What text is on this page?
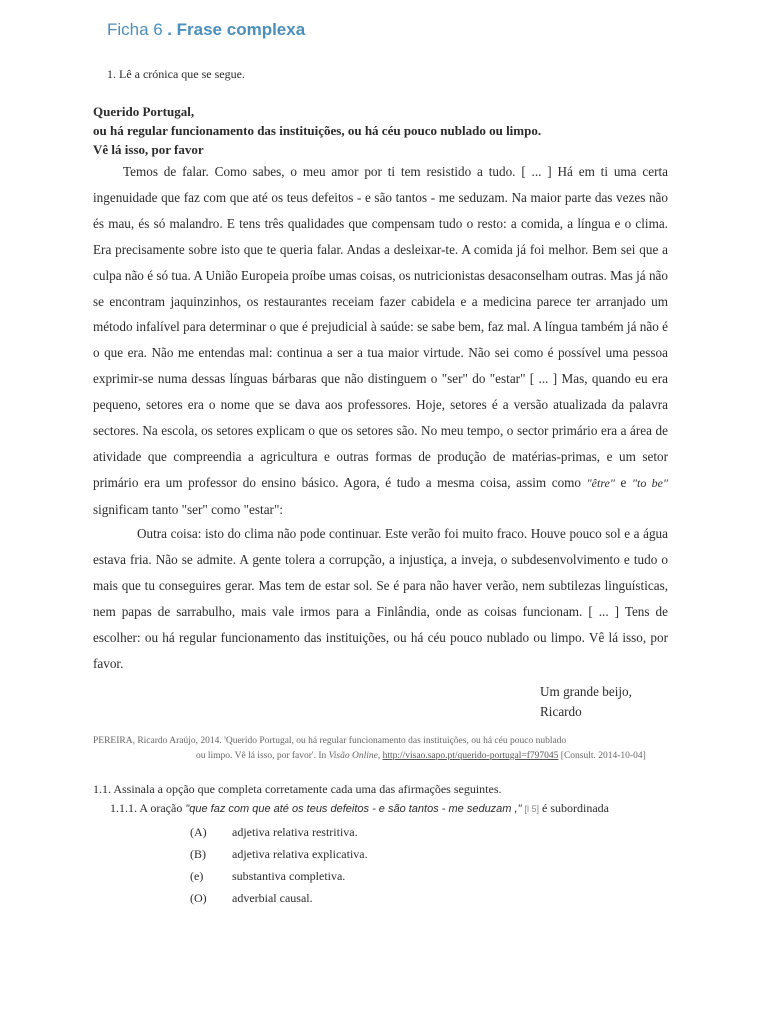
Ficha 6 . Frase complexa
1. Lê a crónica que se segue.
Querido Portugal,
ou há regular funcionamento das instituições, ou há céu pouco nublado ou limpo.
Vê lá isso, por favor

Temos de falar. Como sabes, o meu amor por ti tem resistido a tudo. [ ... ] Há em ti uma certa ingenuidade que faz com que até os teus defeitos - e são tantos - me seduzam. Na maior parte das vezes não és mau, és só malandro. E tens três qualidades que compensam tudo o resto: a comida, a língua e o clima. Era precisamente sobre isto que te queria falar. Andas a desleixar-te. A comida já foi melhor. Bem sei que a culpa não é só tua. A União Europeia proíbe umas coisas, os nutricionistas desaconselham outras. Mas já não se encontram jaquinzinhos, os restaurantes receiam fazer cabidela e a medicina parece ter arranjado um método infalível para determinar o que é prejudicial à saúde: se sabe bem, faz mal. A língua também já não é o que era. Não me entendas mal: continua a ser a tua maior virtude. Não sei como é possível uma pessoa exprimir-se numa dessas línguas bárbaras que não distinguem o "ser" do "estar" [ ... ] Mas, quando eu era pequeno, setores era o nome que se dava aos professores. Hoje, setores é a versão atualizada da palavra sectores. Na escola, os setores explicam o que os setores são. No meu tempo, o sector primário era a área de atividade que compreendia a agricultura e outras formas de produção de matérias-primas, e um setor primário era um professor do ensino básico. Agora, é tudo a mesma coisa, assim como "être" e "to be" significam tanto "ser" como "estar":

Outra coisa: isto do clima não pode continuar. Este verão foi muito fraco. Houve pouco sol e a água estava fria. Não se admite. A gente tolera a corrupção, a injustiça, a inveja, o subdesenvolvimento e tudo o mais que tu conseguires gerar. Mas tem de estar sol. Se é para não haver verão, nem subtilezas linguísticas, nem papas de sarrabulho, mais vale irmos para a Finlândia, onde as coisas funcionam. [ ... ] Tens de escolher: ou há regular funcionamento das instituições, ou há céu pouco nublado ou limpo. Vê lá isso, por favor.

Um grande beijo,
Ricardo
PEREIRA, Ricardo Araújo, 2014. 'Querido Portugal, ou há regular funcionamento das instituições, ou há céu pouco nublado
ou limpo. Vê lá isso, por favor'. In Visão Online, http://visao.sapo.pt/querido-portugal=f797045 [Consult. 2014-10-04]
1.1. Assinala a opção que completa corretamente cada uma das afirmações seguintes.
1.1.1. A oração "que faz com que até os teus defeitos - e são tantos - me seduzam ," [l 5] é subordinada
(A)	adjetiva relativa restritiva.
(B)	adjetiva relativa explicativa.
(e)	substantiva completiva.
(O)	adverbial causal.
